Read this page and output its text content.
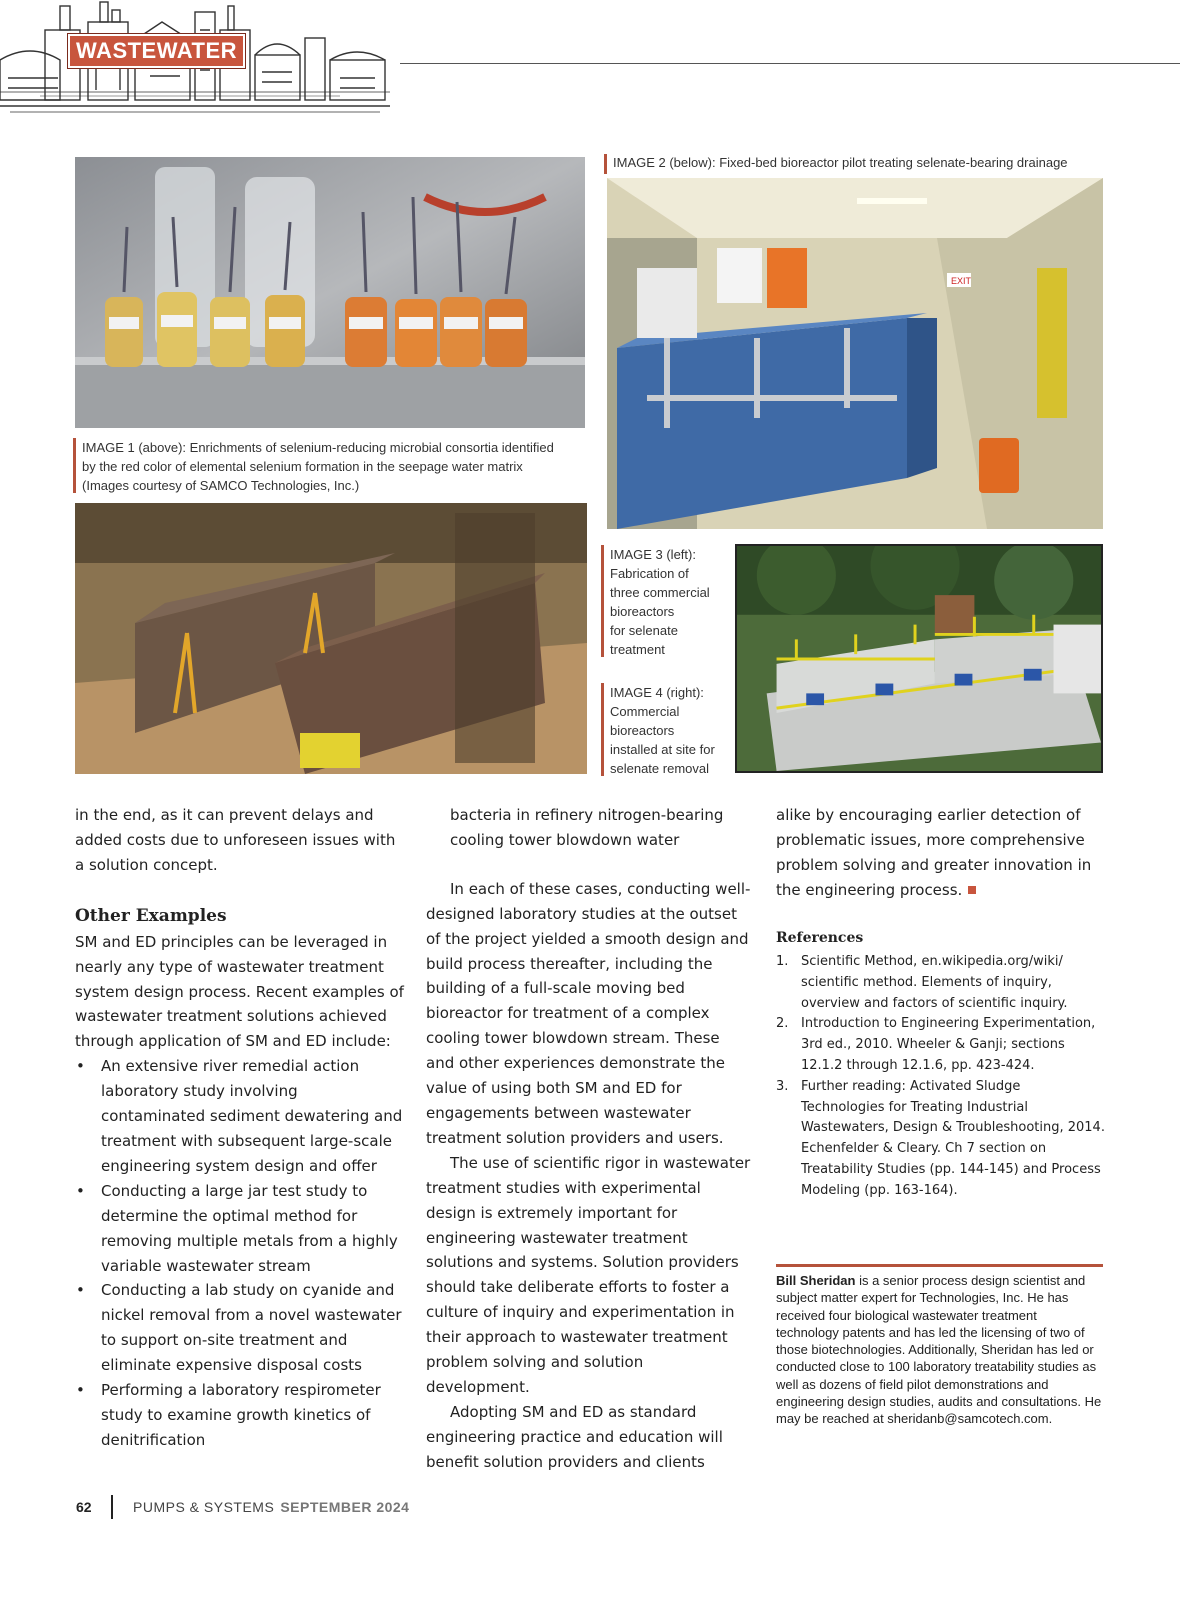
WASTEWATER

IMAGE 2 (below): Fixed-bed bioreactor pilot treating selenate-bearing drainage

EXIT

IMAGE 1 (above): Enrichments of selenium-reducing microbial consortia identified

by the red color of elemental selenium formation in the seepage water matrix

(Images courtesy of SAMCO Technologies, Inc.)

IMAGE 3 (left):

Fabrication of

three commercial

bioreactors

for selenate

treatment

IMAGE 4 (right):

Commercial

bioreactors

installed at site for

selenate removal

in the end, as it can prevent delays and added costs due to unforeseen issues with a solution concept.

Other Examples

SM and ED principles can be leveraged in nearly any type of wastewater treatment system design process. Recent examples of wastewater treatment solutions achieved through application of SM and ED include:

• An extensive river remedial action laboratory study involving contaminated sediment dewatering and treatment with subsequent large-scale engineering system design and offer
• Conducting a large jar test study to determine the optimal method for removing multiple metals from a highly variable wastewater stream
• Conducting a lab study on cyanide and nickel removal from a novel wastewater to support on-site treatment and eliminate expensive disposal costs
• Performing a laboratory respirometer study to examine growth kinetics of denitrification

bacteria in refinery nitrogen-bearing cooling tower blowdown water

In each of these cases, conducting well-designed laboratory studies at the outset of the project yielded a smooth design and build process thereafter, including the building of a full-scale moving bed bioreactor for treatment of a complex cooling tower blowdown stream. These and other experiences demonstrate the value of using both SM and ED for engagements between wastewater treatment solution providers and users.

The use of scientific rigor in wastewater treatment studies with experimental design is extremely important for engineering wastewater treatment solutions and systems. Solution providers should take deliberate efforts to foster a culture of inquiry and experimentation in their approach to wastewater treatment problem solving and solution development.

Adopting SM and ED as standard engineering practice and education will benefit solution providers and clients

alike by encouraging earlier detection of problematic issues, more comprehensive problem solving and greater innovation in the engineering process.

References
1. Scientific Method, en.wikipedia.org/wiki/ scientific method. Elements of inquiry, overview and factors of scientific inquiry.
2. Introduction to Engineering Experimentation, 3rd ed., 2010. Wheeler & Ganji; sections 12.1.2 through 12.1.6, pp. 423-424.
3. Further reading: Activated Sludge Technologies for Treating Industrial Wastewaters, Design & Troubleshooting, 2014. Echenfelder & Cleary. Ch 7 section on Treatability Studies (pp. 144-145) and Process Modeling (pp. 163-164).
Bill Sheridan is a senior process design scientist and subject matter expert for Technologies, Inc. He has received four biological wastewater treatment technology patents and has led the licensing of two of those biotechnologies. Additionally, Sheridan has led or conducted close to 100 laboratory treatability studies as well as dozens of field pilot demonstrations and engineering design studies, audits and consultations. He may be reached at sheridanb@samcotech.com.
62	PUMPS & SYSTEMS SEPTEMBER 2024
